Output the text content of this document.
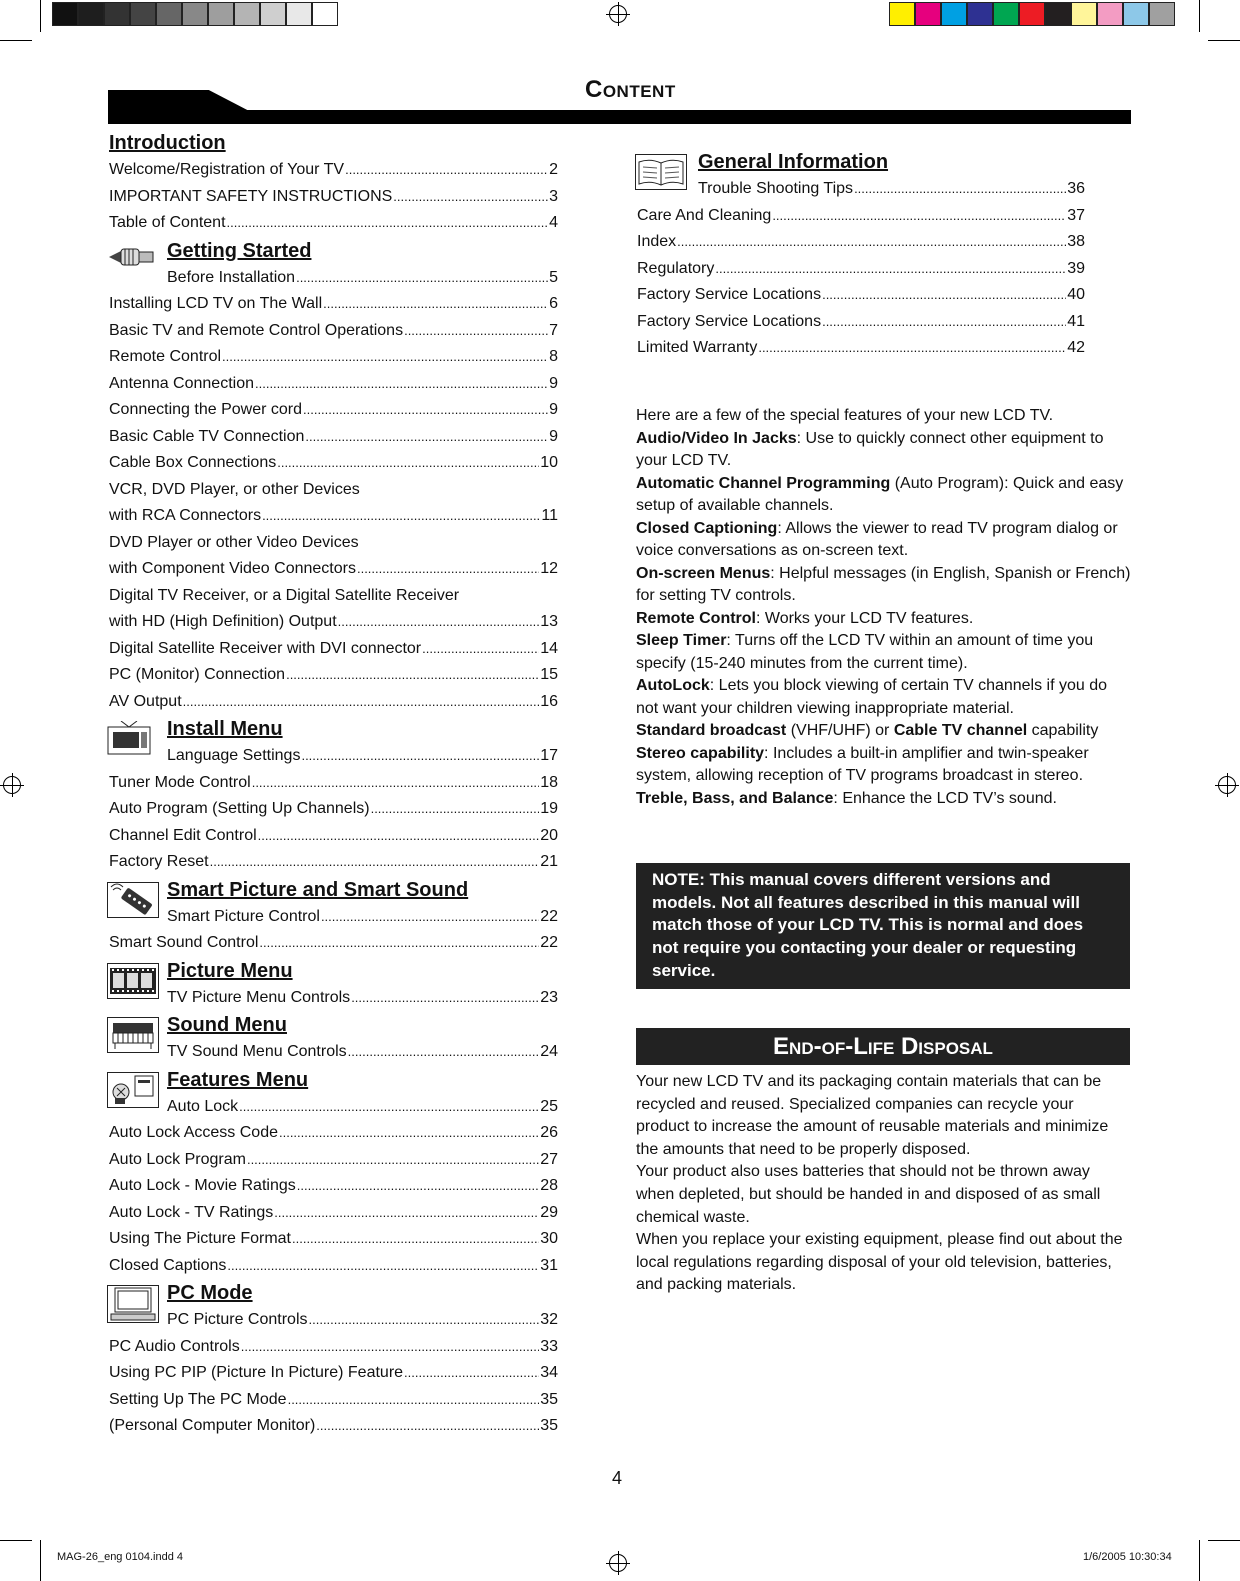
Content
Introduction
Welcome/Registration of Your TV .....	2
IMPORTANT SAFETY INSTRUCTIONS .....	3
Table of Content .....	4
Getting Started
Before Installation .....	5
Installing LCD TV on The Wall .....	6
Basic TV and Remote Control Operations .....	7
Remote Control .....	8
Antenna Connection .....	9
Connecting the Power cord .....	9
Basic Cable TV Connection .....	9
Cable Box Connections .....	10
VCR, DVD Player, or other Devices
with RCA Connectors .....	11
DVD Player or other Video Devices
with Component Video Connectors .....	12
Digital TV Receiver, or a Digital Satellite Receiver
with HD (High Definition) Output .....	13
Digital Satellite Receiver with DVI connector .....	14
PC (Monitor) Connection .....	15
AV Output .....	16
Install Menu
Language Settings .....	17
Tuner Mode Control .....	18
Auto Program (Setting Up Channels) .....	19
Channel Edit Control .....	20
Factory Reset .....	21
Smart Picture and Smart Sound
Smart Picture Control .....	22
Smart Sound Control .....	22
Picture Menu
TV Picture Menu Controls .....	23
Sound Menu
TV Sound Menu Controls .....	24
Features Menu
Auto Lock .....	25
Auto Lock Access Code .....	26
Auto Lock Program .....	27
Auto Lock - Movie Ratings .....	28
Auto Lock - TV Ratings .....	29
Using The Picture Format .....	30
Closed Captions .....	31
PC Mode
PC Picture Controls .....	32
PC Audio Controls .....	33
Using PC PIP (Picture In Picture) Feature .....	34
Setting Up The PC Mode .....	35
(Personal Computer Monitor) .....	35
General Information
Trouble Shooting Tips .....	36
Care And Cleaning .....	37
Index .....	38
Regulatory .....	39
Factory Service Locations .....	40
Factory Service Locations .....	41
Limited Warranty .....	42

Here are a few of the special features of your new LCD TV.

Audio/Video In Jacks: Use to quickly connect other equipment to your LCD TV.

Automatic Channel Programming (Auto Program): Quick and easy setup of available channels.

Closed Captioning: Allows the viewer to read TV program dialog or voice conversations as on-screen text.

On-screen Menus: Helpful messages (in English, Spanish or French) for setting TV controls.

Remote Control: Works your LCD TV features.

Sleep Timer: Turns off the LCD TV within an amount of time you specify (15-240 minutes from the current time).

AutoLock: Lets you block viewing of certain TV channels if you do not want your children viewing inappropriate material.

Standard broadcast (VHF/UHF) or Cable TV channel capability

Stereo capability: Includes a built-in amplifier and twin-speaker system, allowing reception of TV programs broadcast in stereo.

Treble, Bass, and Balance: Enhance the LCD TV’s sound.

NOTE: This manual covers different versions and models. Not all features described in this manual will match those of your LCD TV. This is normal and does not require you contacting your dealer or requesting service.
End-of-Life Disposal

Your new LCD TV and its packaging contain materials that can be recycled and reused. Specialized companies can recycle your product to increase the amount of reusable materials and minimize the amounts that need to be properly disposed.

Your product also uses batteries that should not be thrown away when depleted, but should be handed in and disposed of as small chemical waste.

When you replace your existing equipment, please find out about the local regulations regarding disposal of your old television, batteries, and packing materials.

4
MAG-26_eng 0104.indd 4	1/6/2005 10:30:34
